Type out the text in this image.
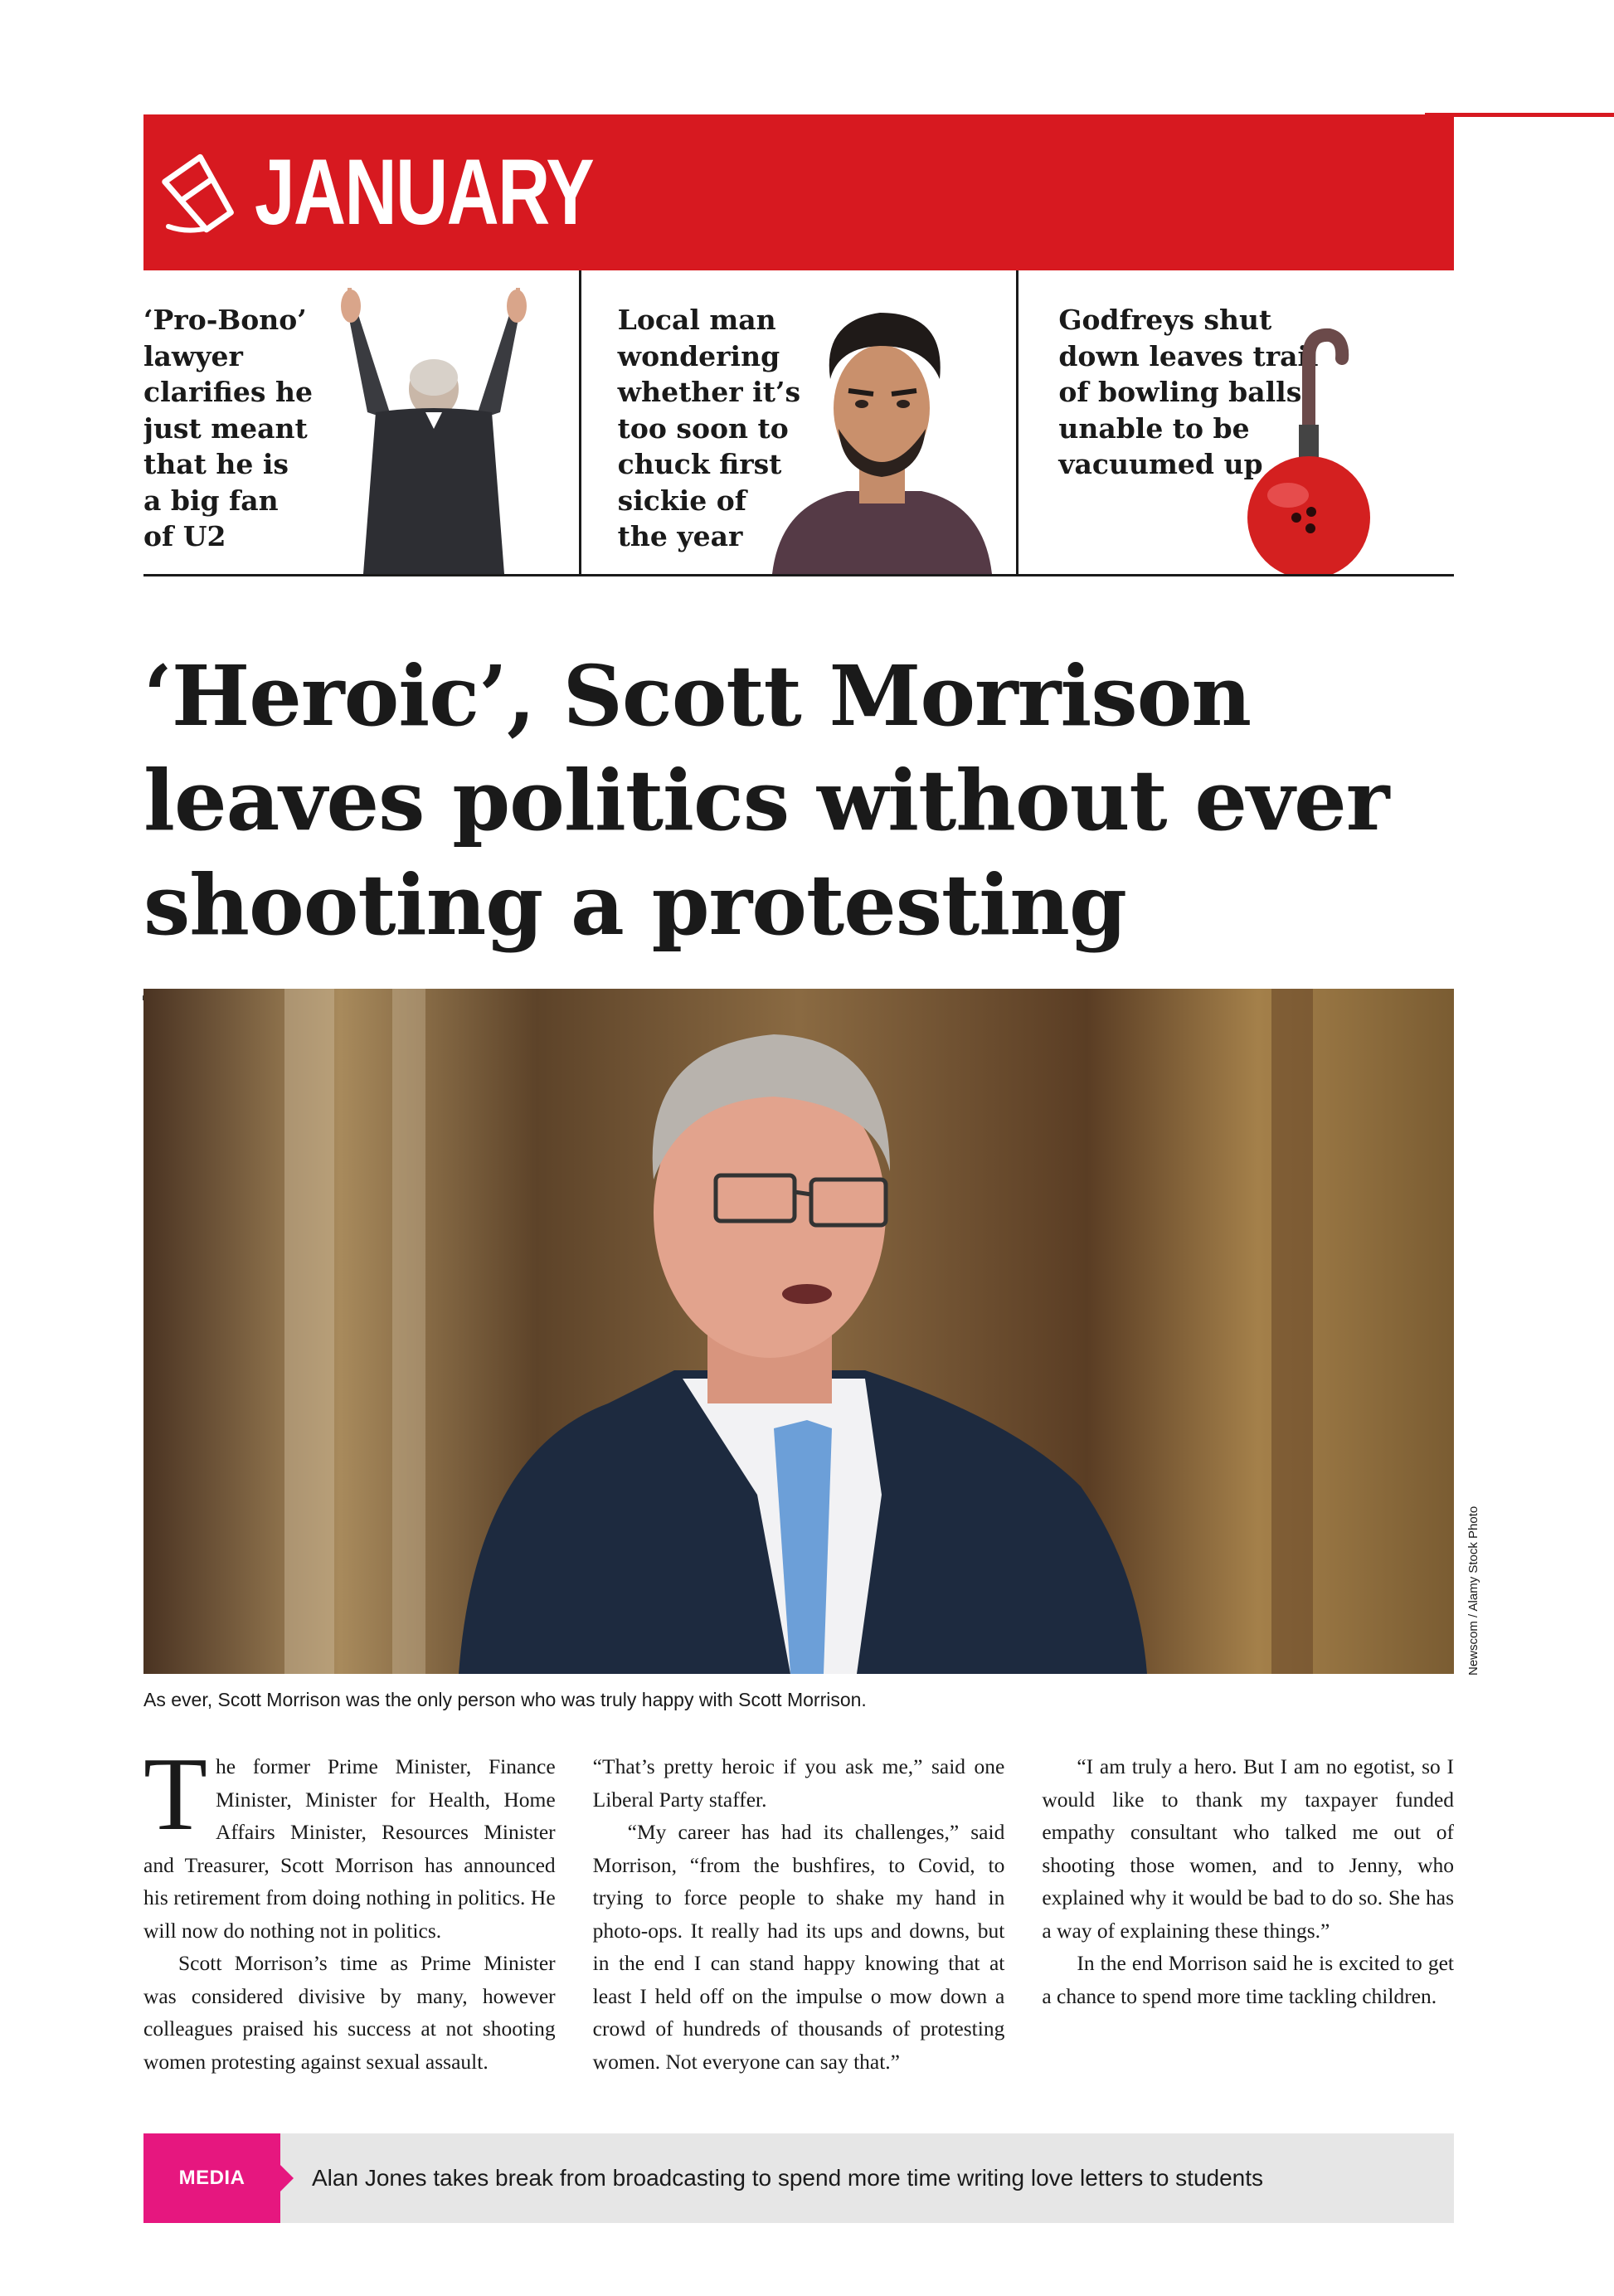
JANUARY
‘Pro-Bono’
lawyer
clarifies he
just meant
that he is
a big fan
of U2
Local man
wondering
whether it’s
too soon to
chuck first
sickie of
the year
Godfreys shut
down leaves trail
of bowling balls
unable to be
vacuumed up
‘Heroic’, Scott Morrison leaves politics without ever shooting a protesting
Newscom / Alamy Stock Photo
As ever, Scott Morrison was the only person who was truly happy with Scott Morrison.

The former Prime Minister, Finance Minister, Minister for Health, Home Affairs Minister, Resources Minister and Treasurer, Scott Morrison has announced his retirement from doing nothing in politics. He will now do nothing not in politics.

Scott Morrison’s time as Prime Minister was considered divisive by many, however colleagues praised his success at not shooting women protesting against sexual assault.

“That’s pretty heroic if you ask me,” said one Liberal Party staffer.

“My career has had its challenges,” said Morrison, “from the bushfires, to Covid, to trying to force people to shake my hand in photo-ops. It really had its ups and downs, but in the end I can stand happy knowing that at least I held off on the impulse o mow down a crowd of hundreds of thousands of protesting women. Not everyone can say that.”

“I am truly a hero. But I am no egotist, so I would like to thank my taxpayer funded empathy consultant who talked me out of shooting those women, and to Jenny, who explained why it would be bad to do so. She has a way of explaining these things.”

In the end Morrison said he is excited to get a chance to spend more time tackling children.

MEDIA	Alan Jones takes break from broadcasting to spend more time writing love letters to students
